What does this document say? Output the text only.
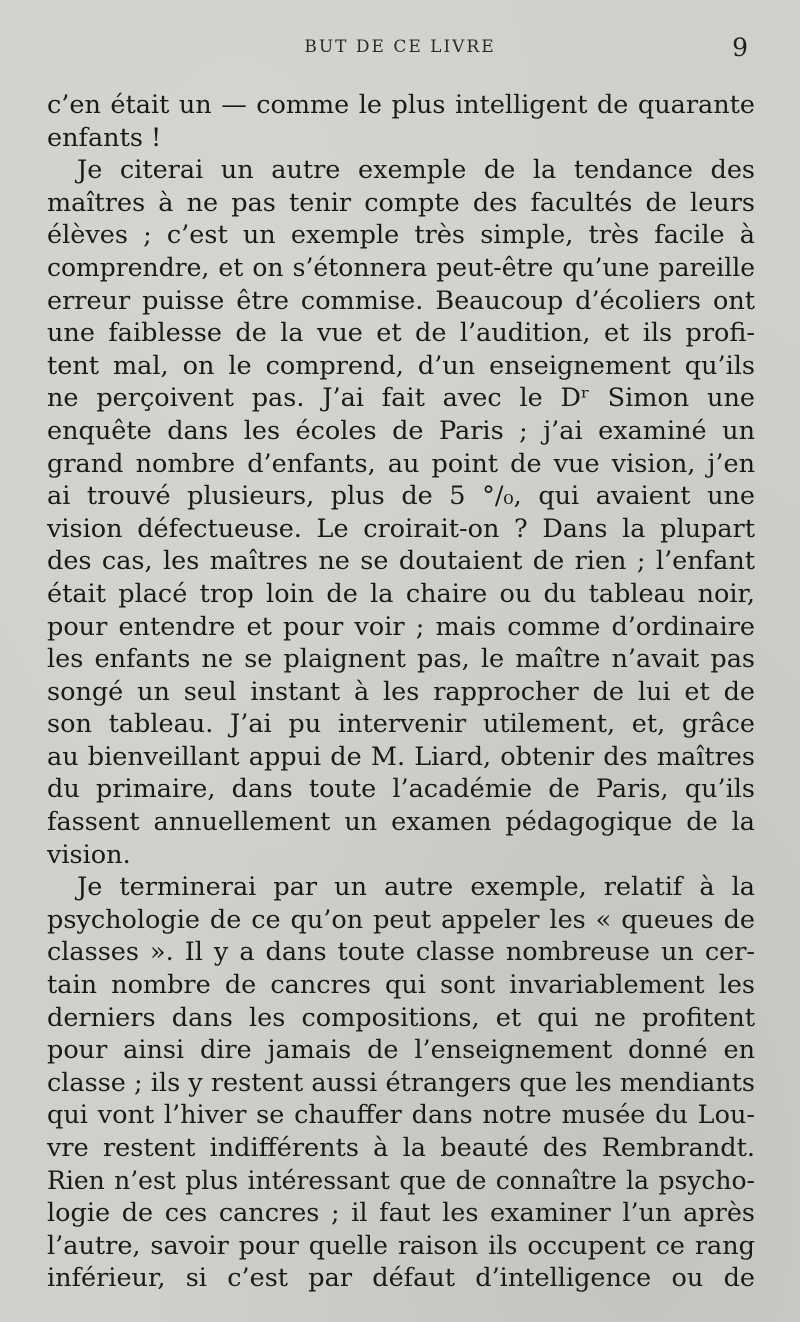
BUT DE CE LIVRE	9
c’en était un — comme le plus intelligent de quarante
enfants !
Je citerai un autre exemple de la tendance des
maîtres à ne pas tenir compte des facultés de leurs
élèves ; c’est un exemple très simple, très facile à
comprendre, et on s’étonnera peut-être qu’une pareille
erreur puisse être commise. Beaucoup d’écoliers ont
une faiblesse de la vue et de l’audition, et ils profi-
tent mal, on le comprend, d’un enseignement qu’ils
ne perçoivent pas. J’ai fait avec le Dʳ Simon une
enquête dans les écoles de Paris ; j’ai examiné un
grand nombre d’enfants, au point de vue vision, j’en
ai trouvé plusieurs, plus de 5 °/₀, qui avaient une
vision défectueuse. Le croirait-on ? Dans la plupart
des cas, les maîtres ne se doutaient de rien ; l’enfant
était placé trop loin de la chaire ou du tableau noir,
pour entendre et pour voir ; mais comme d’ordinaire
les enfants ne se plaignent pas, le maître n’avait pas
songé un seul instant à les rapprocher de lui et de
son tableau. J’ai pu intervenir utilement, et, grâce
au bienveillant appui de M. Liard, obtenir des maîtres
du primaire, dans toute l’académie de Paris, qu’ils
fassent annuellement un examen pédagogique de la
vision.
Je terminerai par un autre exemple, relatif à la
psychologie de ce qu’on peut appeler les « queues de
classes ». Il y a dans toute classe nombreuse un cer-
tain nombre de cancres qui sont invariablement les
derniers dans les compositions, et qui ne profitent
pour ainsi dire jamais de l’enseignement donné en
classe ; ils y restent aussi étrangers que les mendiants
qui vont l’hiver se chauffer dans notre musée du Lou-
vre restent indifférents à la beauté des Rembrandt.
Rien n’est plus intéressant que de connaître la psycho-
logie de ces cancres ; il faut les examiner l’un après
l’autre, savoir pour quelle raison ils occupent ce rang
inférieur, si c’est par défaut d’intelligence ou de
